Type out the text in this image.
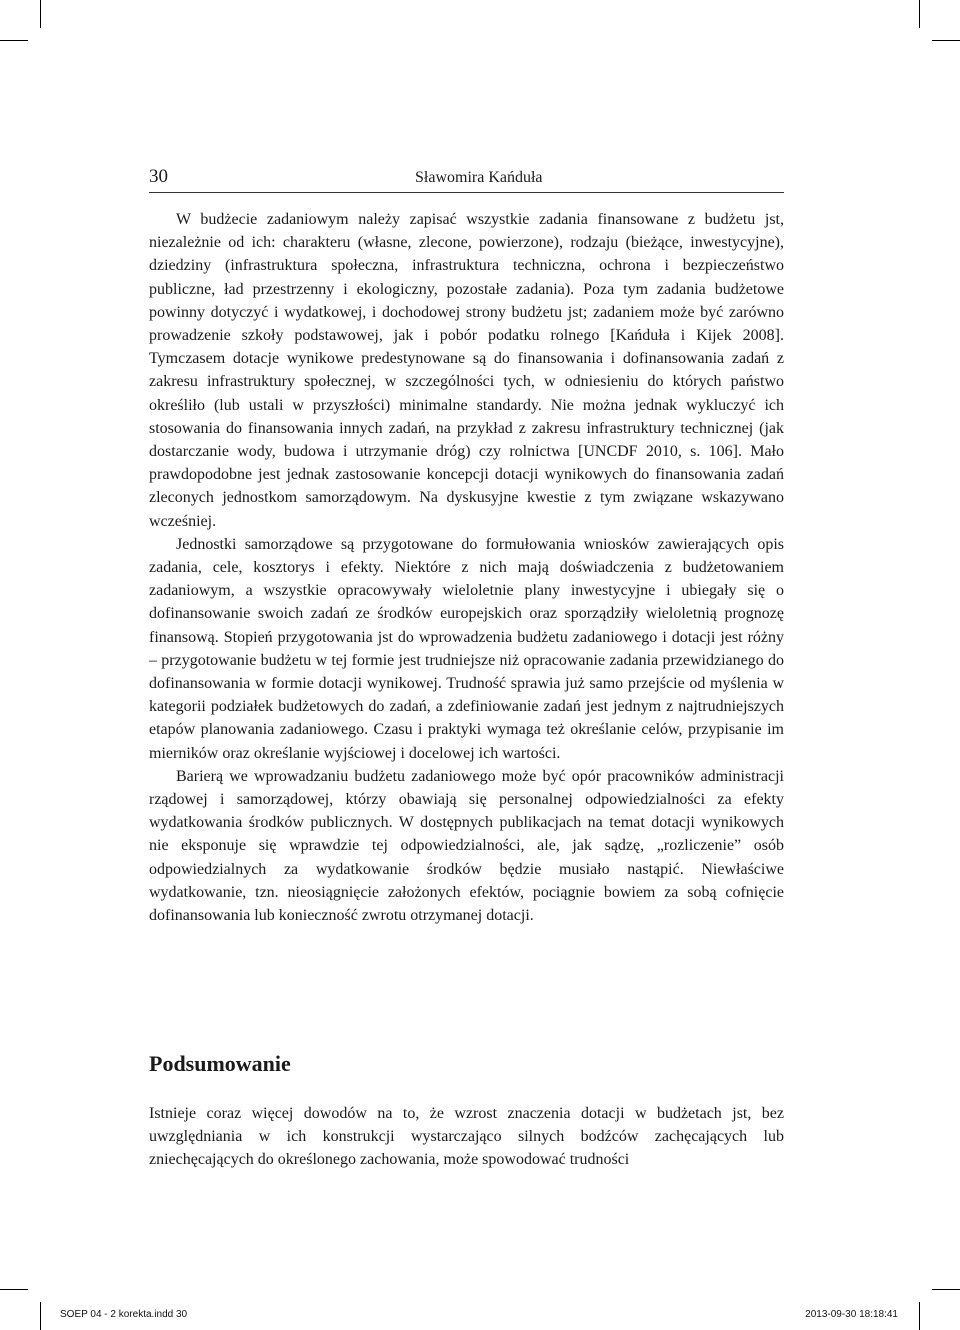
30	Sławomira Kańduła

W budżecie zadaniowym należy zapisać wszystkie zadania finansowane z budżetu jst, niezależnie od ich: charakteru (własne, zlecone, powierzone), rodzaju (bieżące, inwestycyjne), dziedziny (infrastruktura społeczna, infrastruktura techniczna, ochrona i bezpieczeństwo publiczne, ład przestrzenny i ekologiczny, pozostałe zadania). Poza tym zadania budżetowe powinny dotyczyć i wydatkowej, i dochodowej strony budżetu jst; zadaniem może być zarówno prowadzenie szkoły podstawowej, jak i pobór podatku rolnego [Kańduła i Kijek 2008]. Tymczasem dotacje wynikowe predestynowane są do finansowania i dofinansowania zadań z zakresu infrastruktury społecznej, w szczególności tych, w odniesieniu do których państwo określiło (lub ustali w przyszłości) minimalne standardy. Nie można jednak wykluczyć ich stosowania do finansowania innych zadań, na przykład z zakresu infrastruktury technicznej (jak dostarczanie wody, budowa i utrzymanie dróg) czy rolnictwa [UNCDF 2010, s. 106]. Mało prawdopodobne jest jednak zastosowanie koncepcji dotacji wynikowych do finansowania zadań zleconych jednostkom samorządowym. Na dyskusyjne kwestie z tym związane wskazywano wcześniej.

Jednostki samorządowe są przygotowane do formułowania wniosków zawierających opis zadania, cele, kosztorys i efekty. Niektóre z nich mają doświadczenia z budżetowaniem zadaniowym, a wszystkie opracowywały wieloletnie plany inwestycyjne i ubiegały się o dofinansowanie swoich zadań ze środków europejskich oraz sporządziły wieloletnią prognozę finansową. Stopień przygotowania jst do wprowadzenia budżetu zadaniowego i dotacji jest różny – przygotowanie budżetu w tej formie jest trudniejsze niż opracowanie zadania przewidzianego do dofinansowania w formie dotacji wynikowej. Trudność sprawia już samo przejście od myślenia w kategorii podziałek budżetowych do zadań, a zdefiniowanie zadań jest jednym z najtrudniejszych etapów planowania zadaniowego. Czasu i praktyki wymaga też określanie celów, przypisanie im mierników oraz określanie wyjściowej i docelowej ich wartości.

Barierą we wprowadzaniu budżetu zadaniowego może być opór pracowników administracji rządowej i samorządowej, którzy obawiają się personalnej odpowiedzialności za efekty wydatkowania środków publicznych. W dostępnych publikacjach na temat dotacji wynikowych nie eksponuje się wprawdzie tej odpowiedzialności, ale, jak sądzę, „rozliczenie” osób odpowiedzialnych za wydatkowanie środków będzie musiało nastąpić. Niewłaściwe wydatkowanie, tzn. nieosiągnięcie założonych efektów, pociągnie bowiem za sobą cofnięcie dofinansowania lub konieczność zwrotu otrzymanej dotacji.

Podsumowanie

Istnieje coraz więcej dowodów na to, że wzrost znaczenia dotacji w budżetach jst, bez uwzględniania w ich konstrukcji wystarczająco silnych bodźców zachęcających lub zniechęcających do określonego zachowania, może spowodować trudności

SOEP 04 - 2 korekta.indd 30	2013-09-30 18:18:41
